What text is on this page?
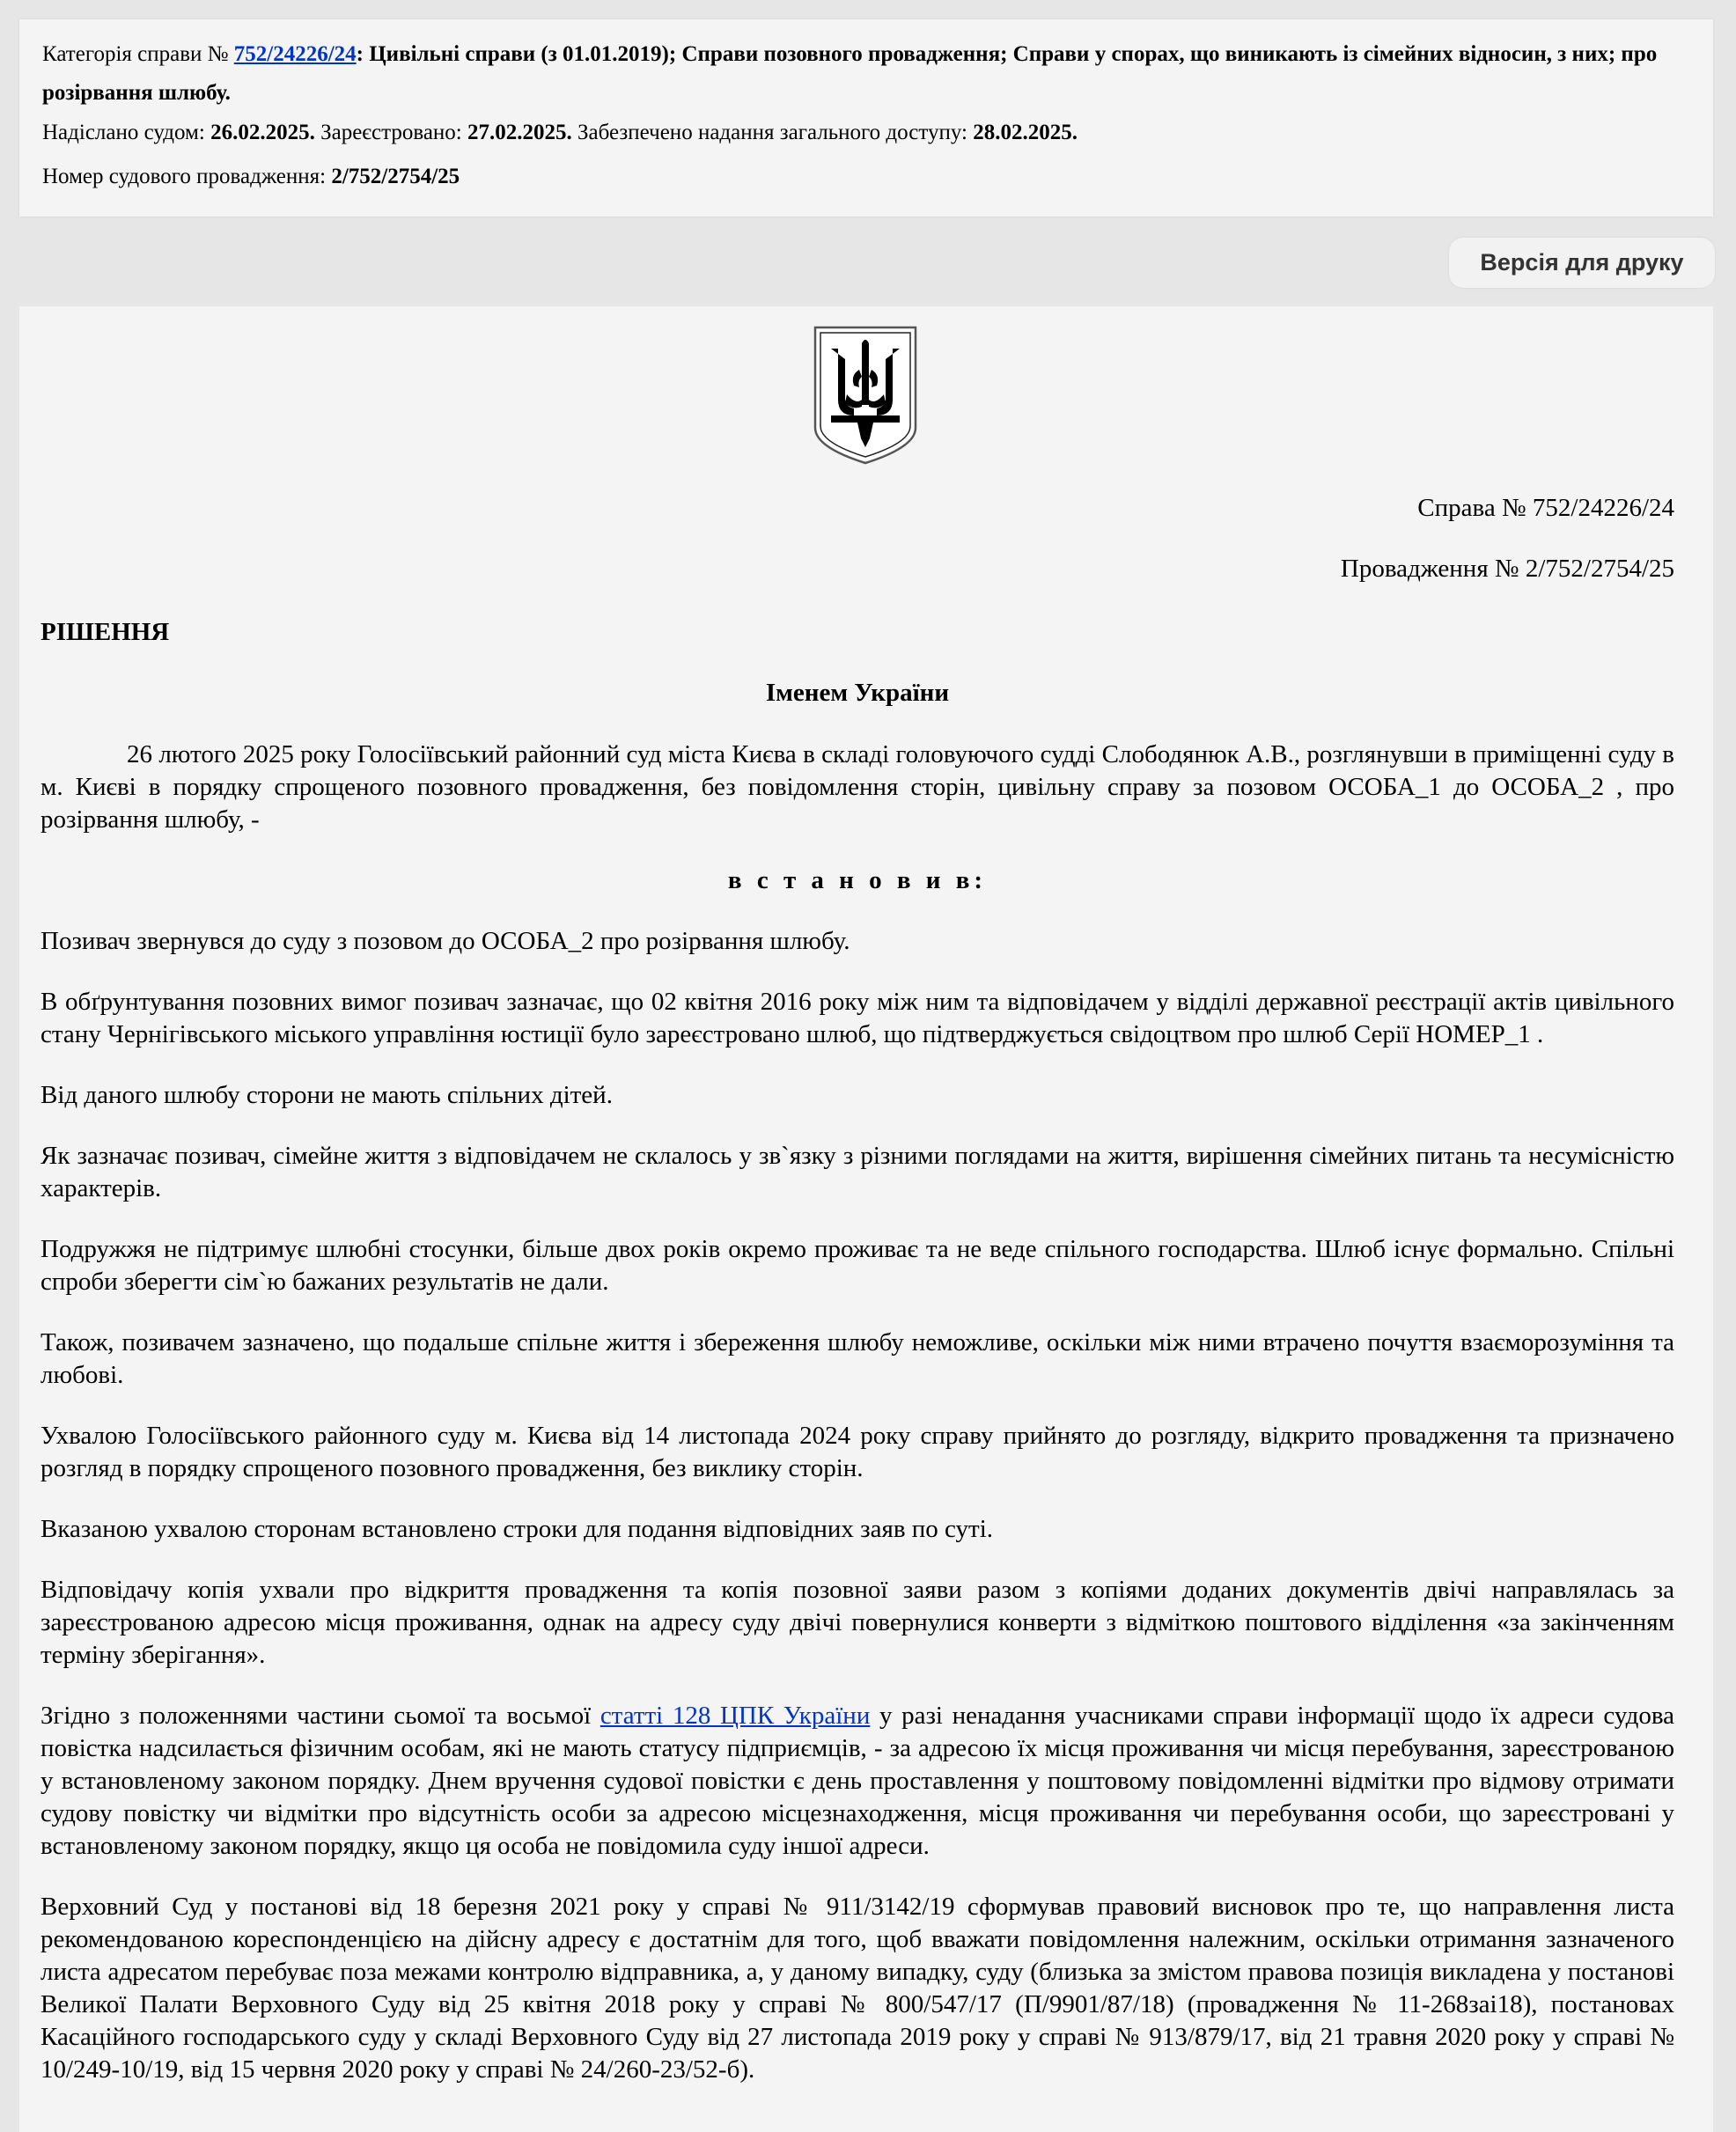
Категорія справи № 752/24226/24: Цивільні справи (з 01.01.2019); Справи позовного провадження; Справи у спорах, що виникають із сімейних відносин, з них; про розірвання шлюбу.

Надіслано судом: 26.02.2025. Зареєстровано: 27.02.2025. Забезпечено надання загального доступу: 28.02.2025.

Номер судового провадження: 2/752/2754/25

Версія для друку

Справа № 752/24226/24

Провадження № 2/752/2754/25

РІШЕННЯ

Іменем України

26 лютого 2025 року Голосіївський районний суд міста Києва в складі головуючого судді Слободянюк А.В., розглянувши в приміщенні суду в м. Києві в порядку спрощеного позовного провадження, без повідомлення сторін, цивільну справу за позовом ОСОБА_1 до ОСОБА_2 , про розірвання шлюбу, -

в с т а н о в и в:

Позивач звернувся до суду з позовом до ОСОБА_2 про розірвання шлюбу.

В обґрунтування позовних вимог позивач зазначає, що 02 квітня 2016 року між ним та відповідачем у відділі державної реєстрації актів цивільного стану Чернігівського міського управління юстиції було зареєстровано шлюб, що підтверджується свідоцтвом про шлюб Серії НОМЕР_1 .

Від даного шлюбу сторони не мають спільних дітей.

Як зазначає позивач, сімейне життя з відповідачем не склалось у зв`язку з різними поглядами на життя, вирішення сімейних питань та несумісністю характерів.

Подружжя не підтримує шлюбні стосунки, більше двох років окремо проживає та не веде спільного господарства. Шлюб існує формально. Спільні спроби зберегти сім`ю бажаних результатів не дали.

Також, позивачем зазначено, що подальше спільне життя і збереження шлюбу неможливе, оскільки між ними втрачено почуття взаєморозуміння та любові.

Ухвалою Голосіївського районного суду м. Києва від 14 листопада 2024 року справу прийнято до розгляду, відкрито провадження та призначено розгляд в порядку спрощеного позовного провадження, без виклику сторін.

Вказаною ухвалою сторонам встановлено строки для подання відповідних заяв по суті.

Відповідачу копія ухвали про відкриття провадження та копія позовної заяви разом з копіями доданих документів двічі направлялась за зареєстрованою адресою місця проживання, однак на адресу суду двічі повернулися конверти з відміткою поштового відділення «за закінченням терміну зберігання».

Згідно з положеннями частини сьомої та восьмої статті 128 ЦПК України у разі ненадання учасниками справи інформації щодо їх адреси судова повістка надсилається фізичним особам, які не мають статусу підприємців, - за адресою їх місця проживання чи місця перебування, зареєстрованою у встановленому законом порядку. Днем вручення судової повістки є день проставлення у поштовому повідомленні відмітки про відмову отримати судову повістку чи відмітки про відсутність особи за адресою місцезнаходження, місця проживання чи перебування особи, що зареєстровані у встановленому законом порядку, якщо ця особа не повідомила суду іншої адреси.

Верховний Суд у постанові від 18 березня 2021 року у справі № 911/3142/19 сформував правовий висновок про те, що направлення листа рекомендованою кореспонденцією на дійсну адресу є достатнім для того, щоб вважати повідомлення належним, оскільки отримання зазначеного листа адресатом перебуває поза межами контролю відправника, а, у даному випадку, суду (близька за змістом правова позиція викладена у постанові Великої Палати Верховного Суду від 25 квітня 2018 року у справі № 800/547/17 (П/9901/87/18) (провадження № 11-268заі18), постановах Касаційного господарського суду у складі Верховного Суду від 27 листопада 2019 року у справі № 913/879/17, від 21 травня 2020 року у справі № 10/249-10/19, від 15 червня 2020 року у справі № 24/260-23/52-б).
